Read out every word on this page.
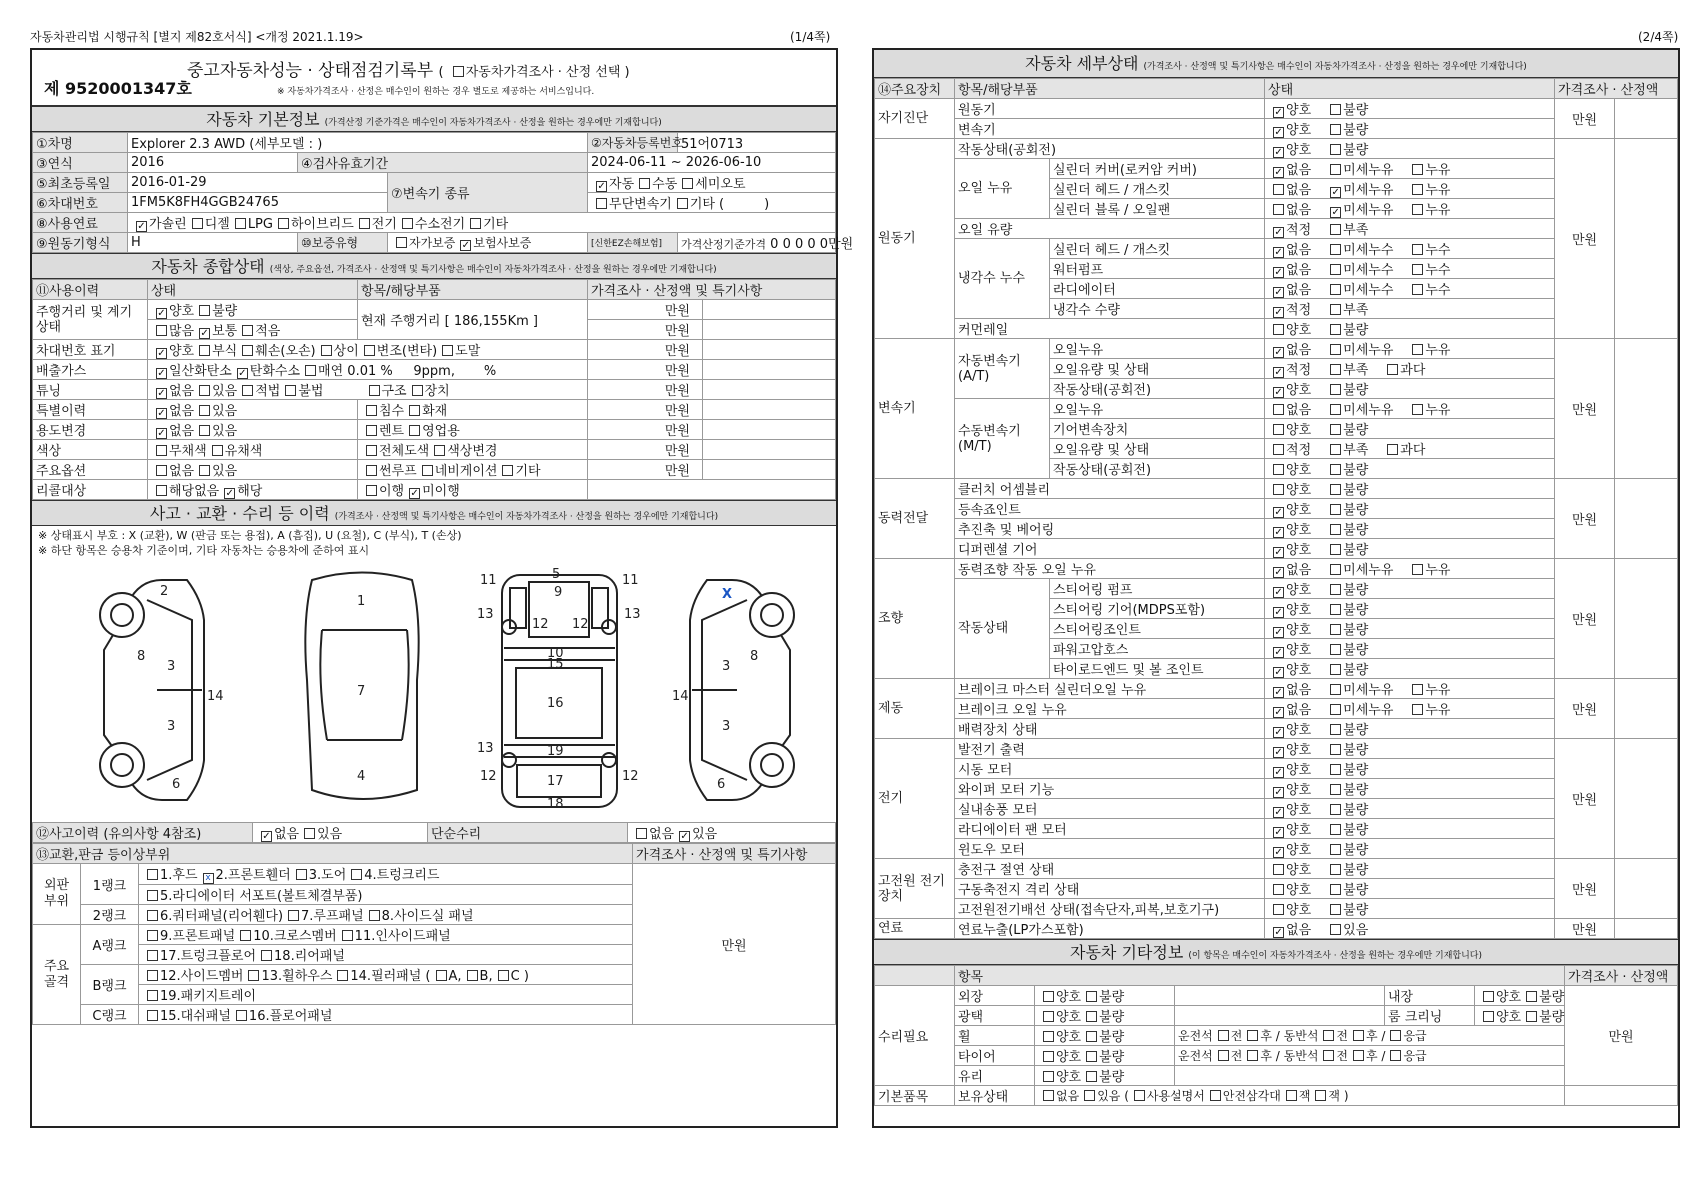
자동차관리법 시행규칙 [별지 제82호서식] <개정 2021.1.19>	(1/4쪽)	(2/4쪽)
중고자동차성능 · 상태점검기록부 ( 자동차가격조사 · 산정 선택 )
제 9520001347호	※ 자동차가격조사 · 산정은 매수인이 원하는 경우 별도로 제공하는 서비스입니다.
자동차 기본정보 (가격산정 기준가격은 매수인이 자동차가격조사 · 산정을 원하는 경우에만 기재합니다)
①차명	Explorer 2.3 AWD (세부모델 : )			②자동차등록번호	51어0713
③연식	2016	④검사유효기간		2024-06-11 ~ 2026-06-10	
⑤최초등록일	2016-01-29		⑦변속기 종류	✓자동 수동 세미오토
⑥차대번호	1FM5K8FH4GGB24765			무단변속기 기타 ( )	
⑧사용연료	✓가솔린 디젤 LPG 하이브리드 전기 수소전기 기타
⑨원동기형식	H	⑩보증유형	자가보증 ✓ 보험사보증	[신한EZ손해보험]	가격산정기준가격 0 0 0 0 0만원
자동차 종합상태 (색상, 주요옵션, 가격조사 · 산정액 및 특기사항은 매수인이 자동차가격조사 · 산정을 원하는 경우에만 기재합니다)
⑪사용이력	상태	항목/해당부품	가격조사 · 산정액 및 특기사항	
주행거리 및 계기상태	✓양호 불량	현재 주행거리 [ 186,155Km ]	만원	
	많음 ✓ 보통 적음		만원	
차대번호 표기	✓양호 부식 훼손(오손) 상이 변조(변타) 도말		만원	
배출가스	✓일산화탄소 ✓ 탄화수소 매연 0.01 % 9ppm, %		만원	
튜닝	✓없음 있음 적법 불법 구조 장치		만원	
특별이력	✓없음 있음	침수 화재	만원	
용도변경	✓없음 있음	렌트 영업용	만원	
색상	무채색 유채색	전체도색 색상변경	만원	
주요옵션	없음 있음	썬루프 네비게이션 기타	만원	
리콜대상	해당없음 ✓ 해당	이행 ✓ 미이행	
사고 · 교환 · 수리 등 이력 (가격조사 · 산정액 및 특기사항은 매수인이 자동차가격조사 · 산정을 원하는 경우에만 기재합니다)
※ 상태표시 부호 : X (교환), W (판금 또는 용접), A (흠집), U (요철), C (부식), T (손상)
※ 하단 항목은 승용차 기준이며, 기타 자동차는 승용차에 준하여 표시
2
3
3
8
14
6
1
7
4
5
9
11	11
13	13
12 12
10
15
16
13	19
12	12
17
18
3
3
8
14
6
X
⑫사고이력 (유의사항 4참조)	✓없음 있음	단순수리	없음 ✓ 있음
⑬교환,판금 등이상부위			가격조사 · 산정액 및 특기사항
외판 부위	1랭크	1.후드 x 2.프론트휀더 3.도어 4.트렁크리드	만원
		5.라디에이터 서포트(볼트체결부품)	
	2랭크	6.쿼터패널(리어휀다) 7.루프패널 8.사이드실 패널	
주요 골격	A랭크	9.프론트패널 10.크로스멤버 11.인사이드패널	
		17.트렁크플로어 18.리어패널	
	B랭크	12.사이드멤버 13.휠하우스 14.필러패널 ( A, B, C )	
		19.패키지트레이	
	C랭크	15.대쉬패널 16.플로어패널	
자동차 세부상태 (가격조사 · 산정액 및 특기사항은 매수인이 자동차가격조사 · 산정을 원하는 경우에만 기재합니다)
⑭주요장치	항목/해당부품		상태	가격조사 · 산정액	
자기진단	원동기	✓양호 불량	만원	
	변속기	✓양호 불량
원동기	작동상태(공회전)	✓양호 불량	만원	
	오일 누유	실린더 커버(로커암 커버)	✓없음 미세누유 누유
		실린더 헤드 / 개스킷	없음 ✓ 미세누유 누유
		실린더 블록 / 오일팬	없음 ✓ 미세누유 누유
	오일 유량	✓적정 부족
	냉각수 누수	실린더 헤드 / 개스킷	✓없음 미세누수 누수
		워터펌프	✓없음 미세누수 누수
		라디에이터	✓없음 미세누수 누수
		냉각수 수량	✓적정 부족
	커먼레일		양호 불량		
변속기	자동변속기 (A/T)	오일누유	✓없음 미세누유 누유	만원	
		오일유량 및 상태	✓적정 부족 과다
		작동상태(공회전)	✓양호 불량
	수동변속기 (M/T)	오일누유	없음 미세누유 누유		
		기어변속장치	양호 불량		
		오일유량 및 상태	적정 부족 과다		
		작동상태(공회전)	양호 불량		
동력전달	클러치 어셈블리		양호 불량	만원	
	등속죠인트	✓양호 불량
	추진축 및 베어링	✓양호 불량
	디퍼렌셜 기어	✓양호 불량
조향	동력조향 작동 오일 누유	✓없음 미세누유 누유	만원	
	작동상태	스티어링 펌프	✓양호 불량
		스티어링 기어(MDPS포함)	✓양호 불량
		스티어링조인트	✓양호 불량
		파워고압호스	✓양호 불량
		타이로드엔드 및 볼 조인트	✓양호 불량
제동	브레이크 마스터 실린더오일 누유	✓없음 미세누유 누유	만원	
	브레이크 오일 누유	✓없음 미세누유 누유
	배력장치 상태	✓양호 불량
전기	발전기 출력	✓양호 불량	만원	
	시동 모터	✓양호 불량
	와이퍼 모터 기능	✓양호 불량
	실내송풍 모터	✓양호 불량
	라디에이터 팬 모터	✓양호 불량
	윈도우 모터	✓양호 불량
고전원 전기장치	충전구 절연 상태		양호 불량	만원	
	구동축전지 격리 상태		양호 불량		
	고전원전기배선 상태(접속단자,피복,보호기구)		양호 불량		
연료	연료누출(LP가스포함)	✓없음 있음	만원	
자동차 기타정보 (이 항목은 매수인이 자동차가격조사 · 산정을 원하는 경우에만 기재합니다)
	항목					가격조사 · 산정액
수리필요	외장	양호 불량		내장	양호 불량	만원
	광택	양호 불량		룸 크리닝	양호 불량	
	휠	양호 불량	운전석 전 후 / 동반석 전 후 / 응급			
	타이어	양호 불량	운전석 전 후 / 동반석 전 후 / 응급			
	유리	양호 불량				
기본품목	보유상태	없음 있음 ( 사용설명서 안전삼각대 잭 잭 )				
